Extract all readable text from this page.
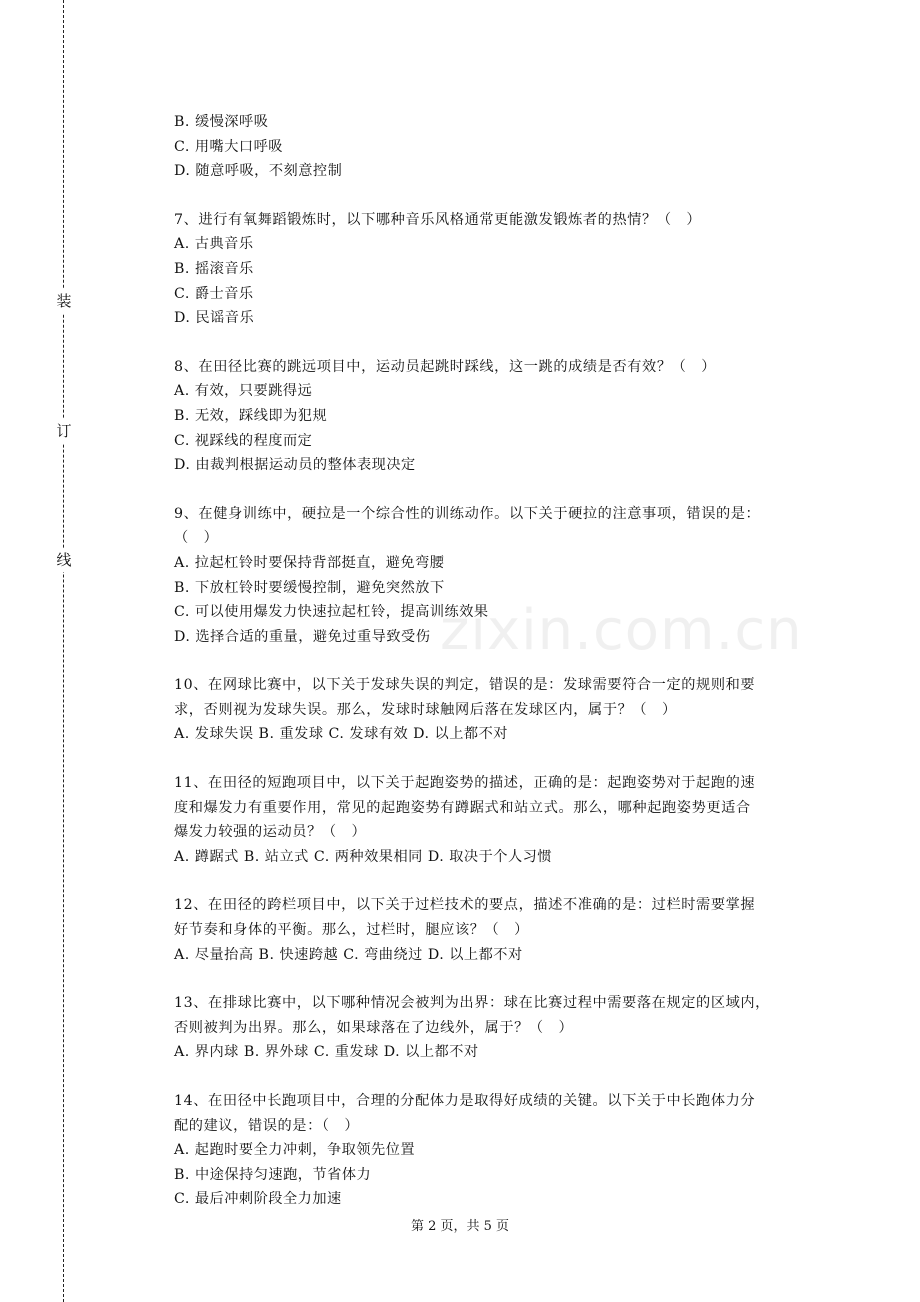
装
订
线
zixin.com.cn
B. 缓慢深呼吸
C. 用嘴大口呼吸
D. 随意呼吸，不刻意控制
7、进行有氧舞蹈锻炼时，以下哪种音乐风格通常更能激发锻炼者的热情？（　）
A. 古典音乐
B. 摇滚音乐
C. 爵士音乐
D. 民谣音乐
8、在田径比赛的跳远项目中，运动员起跳时踩线，这一跳的成绩是否有效？（　）
A. 有效，只要跳得远
B. 无效，踩线即为犯规
C. 视踩线的程度而定
D. 由裁判根据运动员的整体表现决定
9、在健身训练中，硬拉是一个综合性的训练动作。以下关于硬拉的注意事项，错误的是：
（　）
A. 拉起杠铃时要保持背部挺直，避免弯腰
B. 下放杠铃时要缓慢控制，避免突然放下
C. 可以使用爆发力快速拉起杠铃，提高训练效果
D. 选择合适的重量，避免过重导致受伤
10、在网球比赛中，以下关于发球失误的判定，错误的是：发球需要符合一定的规则和要
求，否则视为发球失误。那么，发球时球触网后落在发球区内，属于？（　）
A. 发球失误 B. 重发球 C. 发球有效 D. 以上都不对
11、在田径的短跑项目中，以下关于起跑姿势的描述，正确的是：起跑姿势对于起跑的速
度和爆发力有重要作用，常见的起跑姿势有蹲踞式和站立式。那么，哪种起跑姿势更适合
爆发力较强的运动员？（　）
A. 蹲踞式 B. 站立式 C. 两种效果相同 D. 取决于个人习惯
12、在田径的跨栏项目中，以下关于过栏技术的要点，描述不准确的是：过栏时需要掌握
好节奏和身体的平衡。那么，过栏时，腿应该？（　）
A. 尽量抬高 B. 快速跨越 C. 弯曲绕过 D. 以上都不对
13、在排球比赛中，以下哪种情况会被判为出界：球在比赛过程中需要落在规定的区域内，
否则被判为出界。那么，如果球落在了边线外，属于？（　）
A. 界内球 B. 界外球 C. 重发球 D. 以上都不对
14、在田径中长跑项目中，合理的分配体力是取得好成绩的关键。以下关于中长跑体力分
配的建议，错误的是：（　）
A. 起跑时要全力冲刺，争取领先位置
B. 中途保持匀速跑，节省体力
C. 最后冲刺阶段全力加速
第 2 页，共 5 页
